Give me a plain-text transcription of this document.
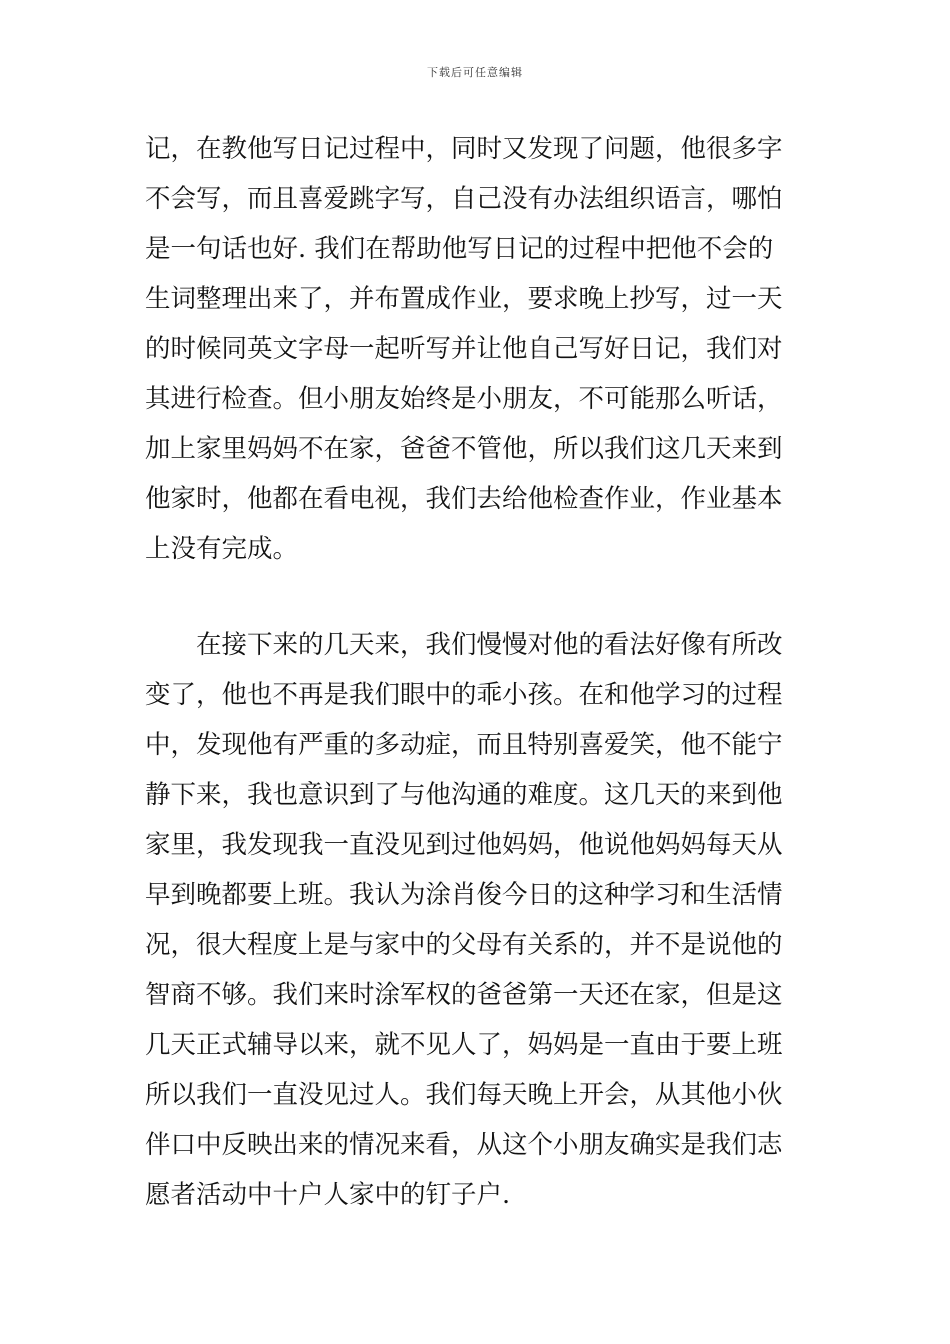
下载后可任意编辑
记，在教他写日记过程中，同时又发现了问题，他很多字
不会写，而且喜爱跳字写，自己没有办法组织语言，哪怕
是一句话也好. 我们在帮助他写日记的过程中把他不会的
生词整理出来了，并布置成作业，要求晚上抄写，过一天
的时候同英文字母一起听写并让他自己写好日记，我们对
其进行检查。但小朋友始终是小朋友，不可能那么听话，
加上家里妈妈不在家，爸爸不管他，所以我们这几天来到
他家时，他都在看电视，我们去给他检查作业，作业基本
上没有完成。
在接下来的几天来，我们慢慢对他的看法好像有所改
变了，他也不再是我们眼中的乖小孩。在和他学习的过程
中，发现他有严重的多动症，而且特别喜爱笑，他不能宁
静下来，我也意识到了与他沟通的难度。这几天的来到他
家里，我发现我一直没见到过他妈妈，他说他妈妈每天从
早到晚都要上班。我认为涂肖俊今日的这种学习和生活情
况，很大程度上是与家中的父母有关系的，并不是说他的
智商不够。我们来时涂军权的爸爸第一天还在家，但是这
几天正式辅导以来，就不见人了，妈妈是一直由于要上班
所以我们一直没见过人。我们每天晚上开会，从其他小伙
伴口中反映出来的情况来看，从这个小朋友确实是我们志
愿者活动中十户人家中的钉子户.
